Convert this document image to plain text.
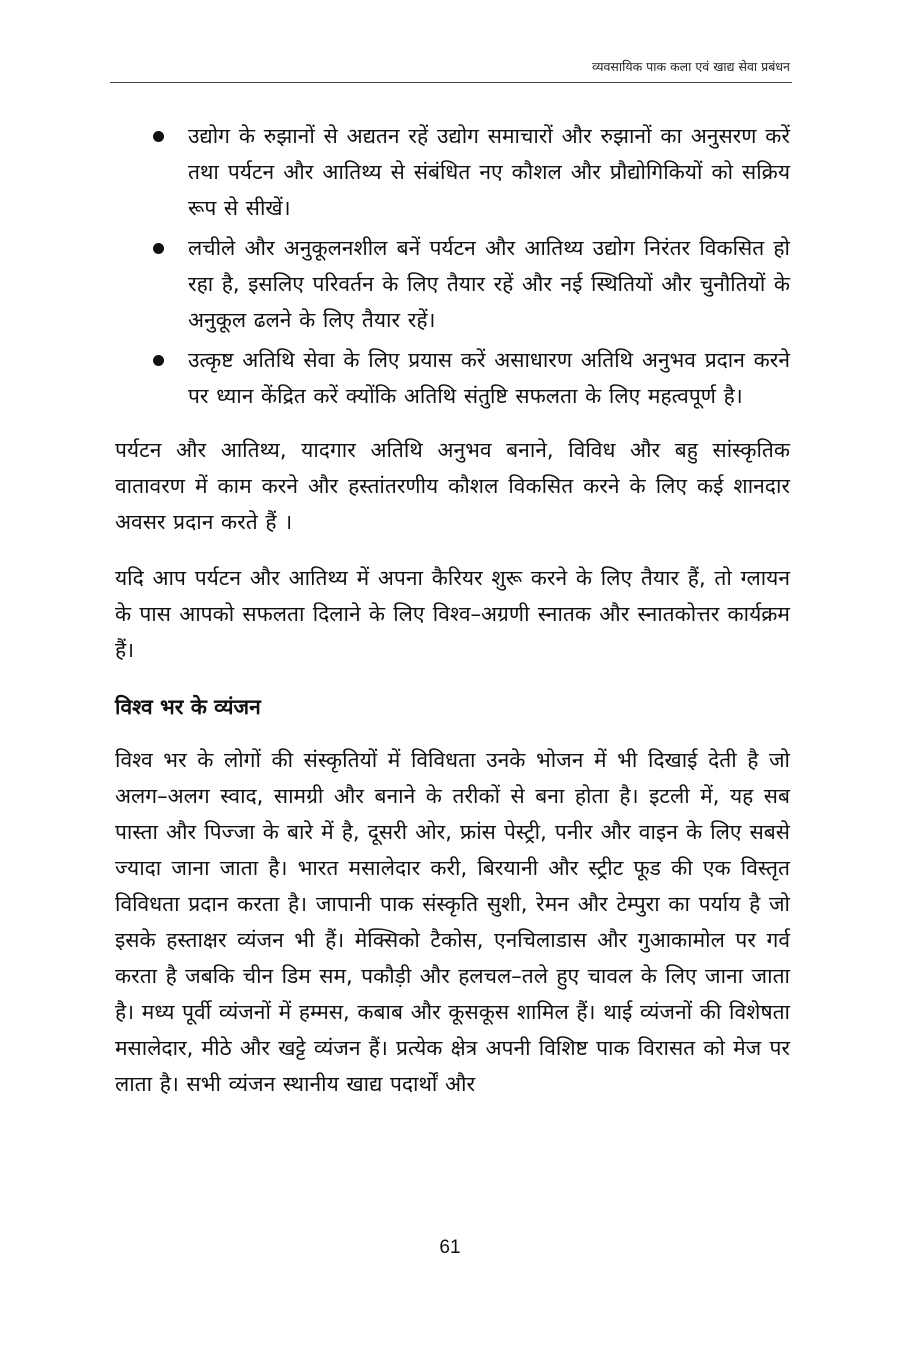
व्यवसायिक पाक कला एवं खाद्य सेवा प्रबंधन

उद्योग के रुझानों से अद्यतन रहें उद्योग समाचारों और रुझानों का अनुसरण करें तथा पर्यटन और आतिथ्य से संबंधित नए कौशल और प्रौद्योगिकियों को सक्रिय रूप से सीखें।

लचीले और अनुकूलनशील बनें पर्यटन और आतिथ्य उद्योग निरंतर विकसित हो रहा है, इसलिए परिवर्तन के लिए तैयार रहें और नई स्थितियों और चुनौतियों के अनुकूल ढलने के लिए तैयार रहें।

उत्कृष्ट अतिथि सेवा के लिए प्रयास करें असाधारण अतिथि अनुभव प्रदान करने पर ध्यान केंद्रित करें क्योंकि अतिथि संतुष्टि सफलता के लिए महत्वपूर्ण है।

पर्यटन और आतिथ्य, यादगार अतिथि अनुभव बनाने, विविध और बहु सांस्कृतिक वातावरण में काम करने और हस्तांतरणीय कौशल विकसित करने के लिए कई शानदार अवसर प्रदान करते हैं ।

यदि आप पर्यटन और आतिथ्य में अपना कैरियर शुरू करने के लिए तैयार हैं, तो ग्लायन के पास आपको सफलता दिलाने के लिए विश्व–अग्रणी स्नातक और स्नातकोत्तर कार्यक्रम हैं।

विश्व भर के व्यंजन

विश्व भर के लोगों की संस्कृतियों में विविधता उनके भोजन में भी दिखाई देती है जो अलग–अलग स्वाद, सामग्री और बनाने के तरीकों से बना होता है। इटली में, यह सब पास्ता और पिज्जा के बारे में है, दूसरी ओर, फ्रांस पेस्ट्री, पनीर और वाइन के लिए सबसे ज्यादा जाना जाता है। भारत मसालेदार करी, बिरयानी और स्ट्रीट फूड की एक विस्तृत विविधता प्रदान करता है। जापानी पाक संस्कृति सुशी, रेमन और टेम्पुरा का पर्याय है जो इसके हस्ताक्षर व्यंजन भी हैं। मेक्सिको टैकोस, एनचिलाडास और गुआकामोल पर गर्व करता है जबकि चीन डिम सम, पकौड़ी और हलचल–तले हुए चावल के लिए जाना जाता है। मध्य पूर्वी व्यंजनों में हम्मस, कबाब और कूसकूस शामिल हैं। थाई व्यंजनों की विशेषता मसालेदार, मीठे और खट्टे व्यंजन हैं। प्रत्येक क्षेत्र अपनी विशिष्ट पाक विरासत को मेज पर लाता है। सभी व्यंजन स्थानीय खाद्य पदार्थों और

61
